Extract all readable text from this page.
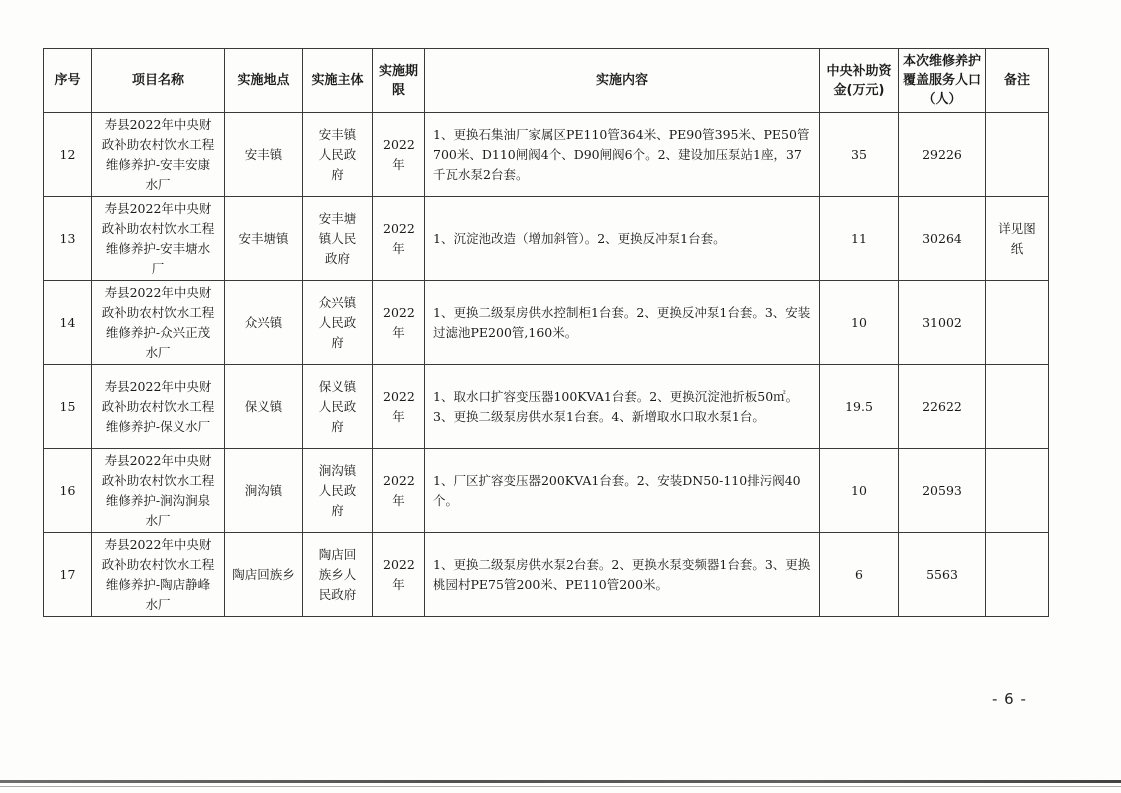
序号	项目名称	实施地点	实施主体	实施期限	实施内容	中央补助资金(万元)	本次维修养护覆盖服务人口（人）	备注
12	寿县2022年中央财政补助农村饮水工程维修养护-安丰安康水厂	安丰镇	安丰镇人民政府	2022年	1、更换石集油厂家属区PE110管364米、PE90管395米、PE50管700米、D110闸阀4个、D90闸阀6个。2、建设加压泵站1座，37千瓦水泵2台套。	35	29226	
13	寿县2022年中央财政补助农村饮水工程维修养护-安丰塘水厂	安丰塘镇	安丰塘镇人民政府	2022年	1、沉淀池改造（增加斜管）。2、更换反冲泵1台套。	11	30264	详见图纸
14	寿县2022年中央财政补助农村饮水工程维修养护-众兴正茂水厂	众兴镇	众兴镇人民政府	2022年	1、更换二级泵房供水控制柜1台套。2、更换反冲泵1台套。3、安装过滤池PE200管,160米。	10	31002	
15	寿县2022年中央财政补助农村饮水工程维修养护-保义水厂	保义镇	保义镇人民政府	2022年	1、取水口扩容变压器100KVA1台套。2、更换沉淀池折板50㎡。3、更换二级泵房供水泵1台套。4、新增取水口取水泵1台。	19.5	22622	
16	寿县2022年中央财政补助农村饮水工程维修养护-涧沟涧泉水厂	涧沟镇	涧沟镇人民政府	2022年	1、厂区扩容变压器200KVA1台套。2、安装DN50-110排污阀40个。	10	20593	
17	寿县2022年中央财政补助农村饮水工程维修养护-陶店静峰水厂	陶店回族乡	陶店回族乡人民政府	2022年	1、更换二级泵房供水泵2台套。2、更换水泵变频器1台套。3、更换桃园村PE75管200米、PE110管200米。	6	5563	
- 6 -
